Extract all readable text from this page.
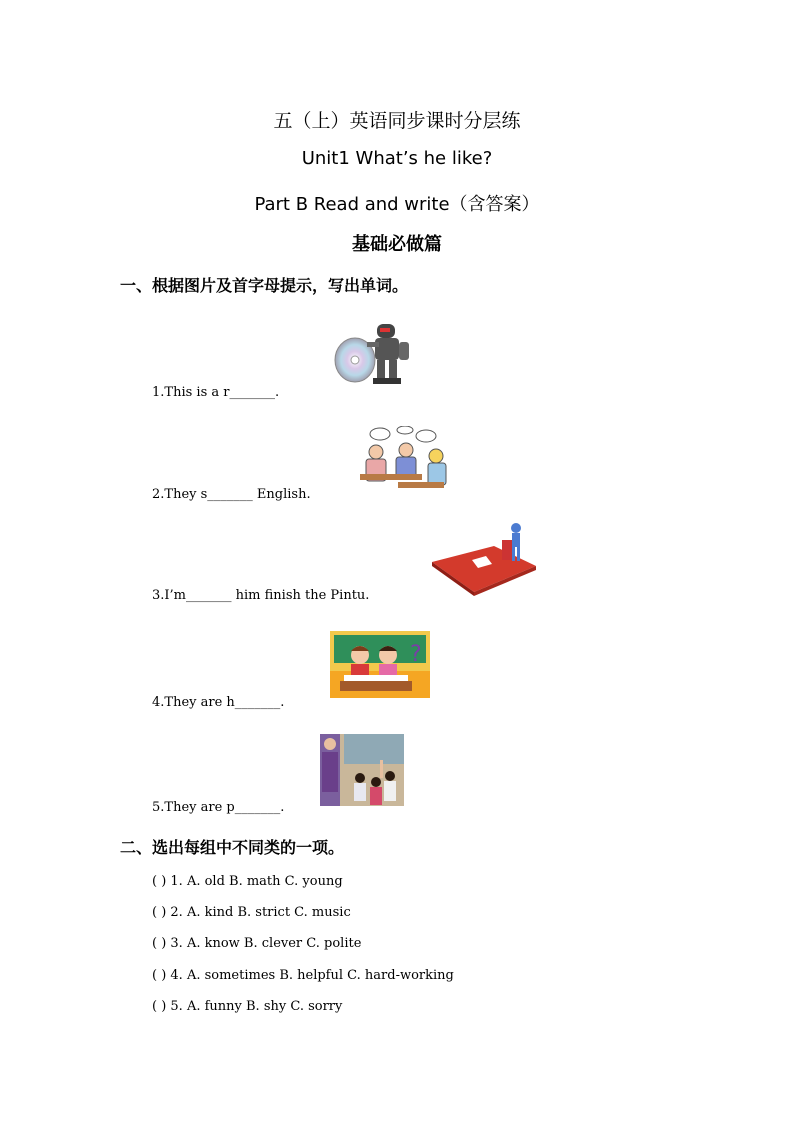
五（上）英语同步课时分层练
Unit1 What’s he like?
Part B Read and write（含答案）
基础必做篇
一、根据图片及首字母提示，写出单词。
1.This is a r_______.
2.They s_______ English.
3.I’m_______ him finish the Pintu.
?
4.They are h_______.
5.They are p_______.
二、选出每组中不同类的一项。
( ) 1. A. old B. math C. young
( ) 2. A. kind B. strict C. music
( ) 3. A. know B. clever C. polite
( ) 4. A. sometimes B. helpful C. hard-working
( ) 5. A. funny B. shy C. sorry
